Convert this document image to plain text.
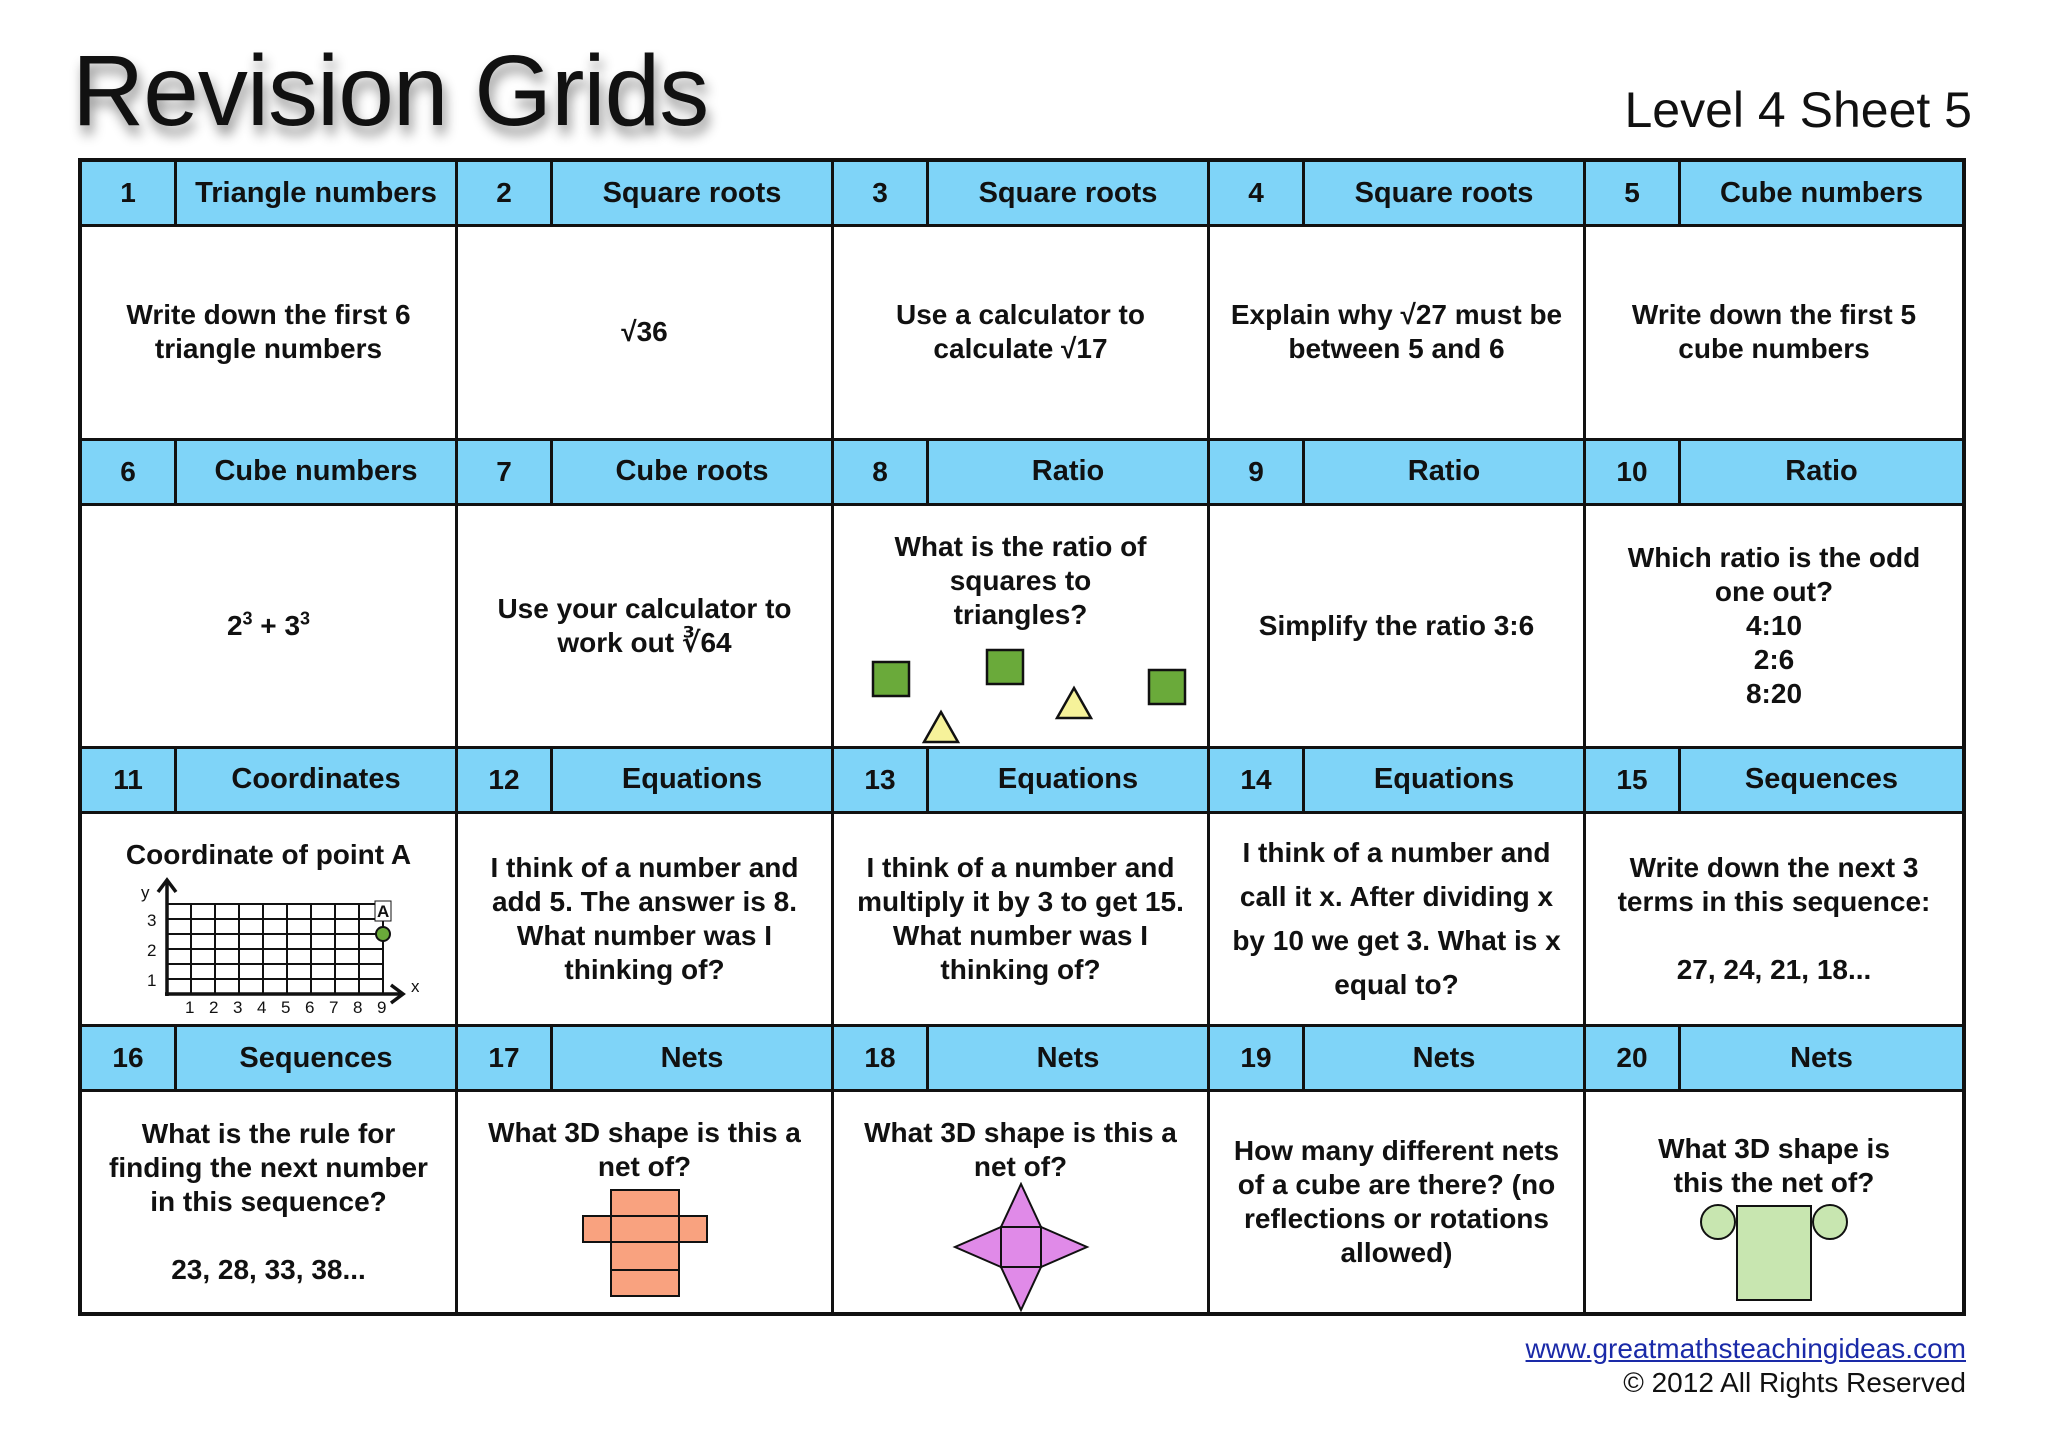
Revision Grids	Level 4 Sheet 5
1	Triangle numbers
Write down the first 6 triangle numbers
2	Square roots
√36
3	Square roots
Use a calculator to calculate √17
4	Square roots
Explain why √27 must be between 5 and 6
5	Cube numbers
Write down the first 5 cube numbers
6	Cube numbers
$2^3 + 3^3$
7	Cube roots
Use your calculator to work out ∛64
8	Ratio
What is the ratio of squares to triangles?
9	Ratio
Simplify the ratio 3:6
10	Ratio
Which ratio is the odd one out?
4:10
2:6
8:20
11	Coordinates
Coordinate of point A
y
x
3
2
1
1 2 3 4 5 6 7 8 9
A
12	Equations
I think of a number and add 5. The answer is 8. What number was I thinking of?
13	Equations
I think of a number and multiply it by 3 to get 15. What number was I thinking of?
14	Equations
I think of a number and call it x. After dividing x by 10 we get 3. What is x equal to?
15	Sequences
Write down the next 3 terms in this sequence:
27, 24, 21, 18...
16	Sequences
What is the rule for finding the next number in this sequence?
23, 28, 33, 38...
17	Nets
What 3D shape is this a net of?
18	Nets
What 3D shape is this a net of?
19	Nets
How many different nets of a cube are there? (no reflections or rotations allowed)
20	Nets
What 3D shape is this the net of?
www.greatmathsteachingideas.com
© 2012 All Rights Reserved
